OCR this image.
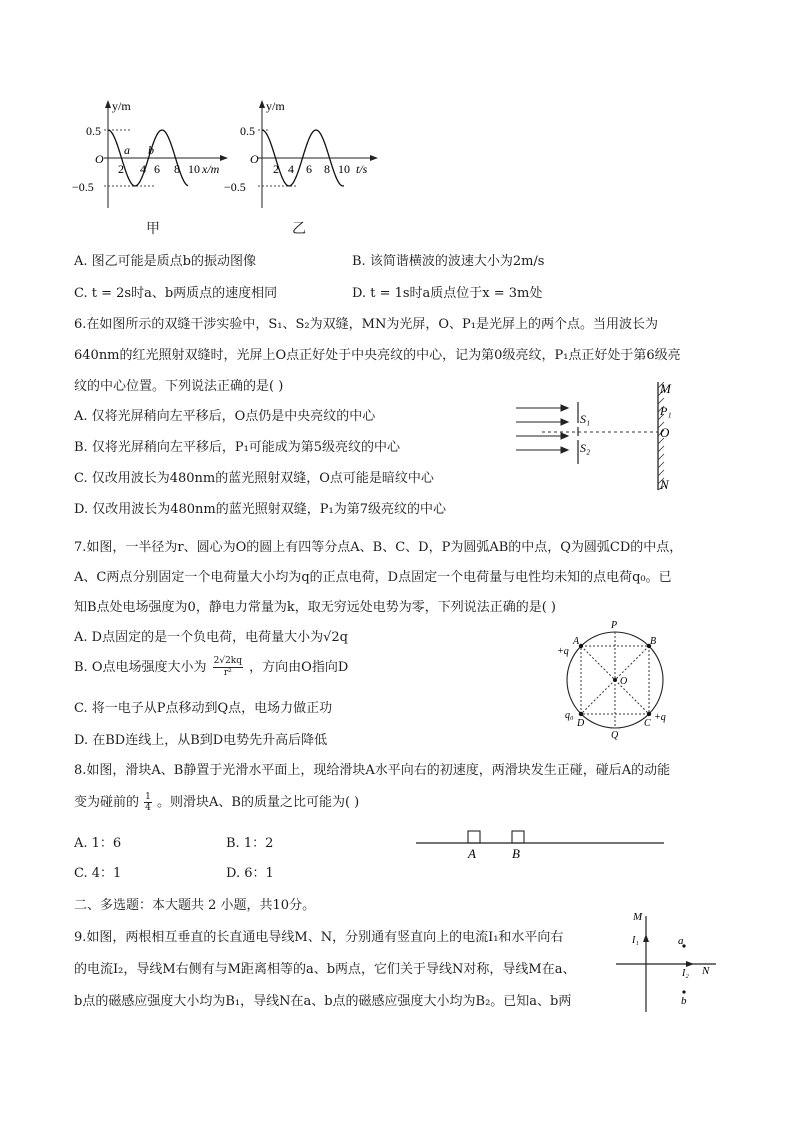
y/m
0.5
−0.5
O
2 4 6 8 10 x/m
a b
甲
y/m
0.5
−0.5
O
2 4 6 8 10 t/s
乙
A. 图乙可能是质点b的振动图像	B. 该简谐横波的波速大小为2m/s
C. t = 2s时a、b两质点的速度相同	D. t = 1s时a质点位于x = 3m处
6.在如图所示的双缝干涉实验中，S₁、S₂为双缝，MN为光屏，O、P₁是光屏上的两个点。当用波长为
640nm的红光照射双缝时，光屏上O点正好处于中央亮纹的中心，记为第0级亮纹，P₁点正好处于第6级亮
纹的中心位置。下列说法正确的是( )
A. 仅将光屏稍向左平移后，O点仍是中央亮纹的中心
B. 仅将光屏稍向左平移后，P₁可能成为第5级亮纹的中心
C. 仅改用波长为480nm的蓝光照射双缝，O点可能是暗纹中心
D. 仅改用波长为480nm的蓝光照射双缝，P₁为第7级亮纹的中心
S₁
S₂
M
P₁
O
N
7.如图，一半径为r、圆心为O的圆上有四等分点A、B、C、D，P为圆弧AB的中点，Q为圆弧CD的中点，
A、C两点分别固定一个电荷量大小均为q的正点电荷，D点固定一个电荷量与电性均未知的点电荷q₀。已
知B点处电场强度为0，静电力常量为k，取无穷远处电势为零，下列说法正确的是( )
A. D点固定的是一个负电荷，电荷量大小为√2q
B. O点电场强度大小为 $\frac{2√2kq}{\text{r²}}$ ，方向由O指向D
C. 将一电子从P点移动到Q点，电场力做正功
D. 在BD连线上，从B到D电势先升高后降低
P
A	B
O
D	C
Q
+q
+q
q₀
8.如图，滑块A、B静置于光滑水平面上，现给滑块A水平向右的初速度，两滑块发生正碰，碰后A的动能
变为碰前的 $\frac{1}{4}$ 。则滑块A、B的质量之比可能为( )
A. 1：6	B. 1：2
C. 4：1	D. 6：1
A	B
二、多选题：本大题共 2 小题，共10分。
9.如图，两根相互垂直的长直通电导线M、N，分别通有竖直向上的电流I₁和水平向右
的电流I₂，导线M右侧有与M距离相等的a、b两点，它们关于导线N对称，导线M在a、
b点的磁感应强度大小均为B₁，导线N在a、b点的磁感应强度大小均为B₂。已知a、b两
M
I₁	a
I₂ N
b
